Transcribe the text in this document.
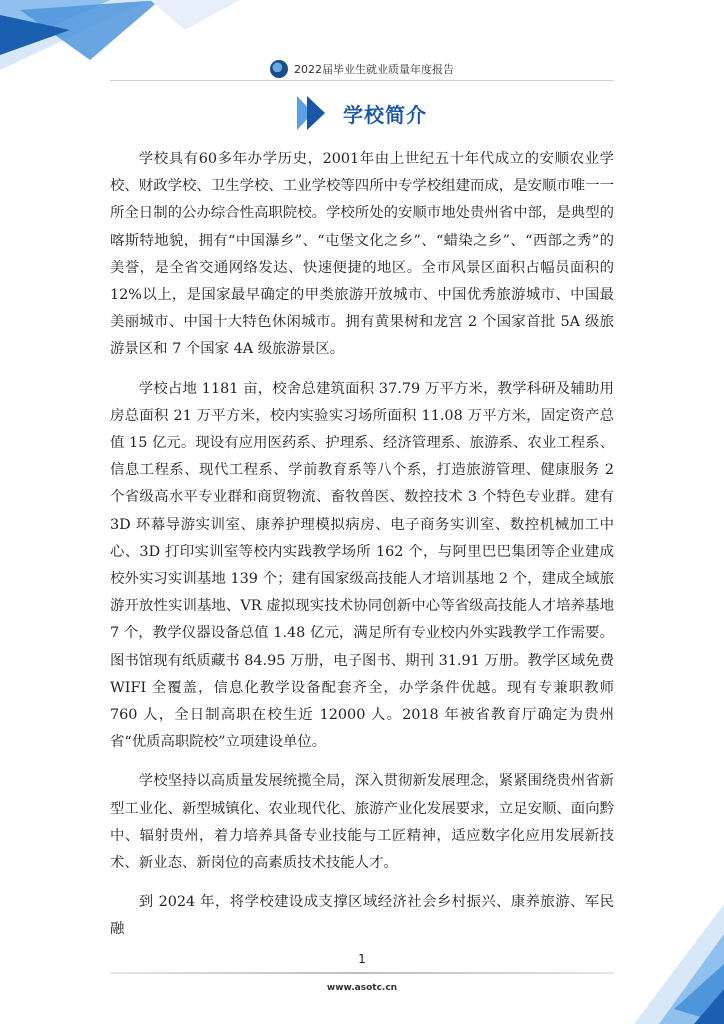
2022届毕业生就业质量年度报告
学校简介

学校具有60多年办学历史，2001年由上世纪五十年代成立的安顺农业学校、财政学校、卫生学校、工业学校等四所中专学校组建而成，是安顺市唯一一所全日制的公办综合性高职院校。学校所处的安顺市地处贵州省中部，是典型的喀斯特地貌，拥有“中国瀑乡”、“屯堡文化之乡”、“蜡染之乡”、“西部之秀”的美誉，是全省交通网络发达、快速便捷的地区。全市风景区面积占幅员面积的12%以上，是国家最早确定的甲类旅游开放城市、中国优秀旅游城市、中国最美丽城市、中国十大特色休闲城市。拥有黄果树和龙宫 2 个国家首批 5A 级旅游景区和 7 个国家 4A 级旅游景区。

学校占地 1181 亩，校舍总建筑面积 37.79 万平方米，教学科研及辅助用房总面积 21 万平方米，校内实验实习场所面积 11.08 万平方米，固定资产总值 15 亿元。现设有应用医药系、护理系、经济管理系、旅游系、农业工程系、信息工程系、现代工程系、学前教育系等八个系，打造旅游管理、健康服务 2 个省级高水平专业群和商贸物流、畜牧兽医、数控技术 3 个特色专业群。建有 3D 环幕导游实训室、康养护理模拟病房、电子商务实训室、数控机械加工中心、3D 打印实训室等校内实践教学场所 162 个，与阿里巴巴集团等企业建成校外实习实训基地 139 个；建有国家级高技能人才培训基地 2 个，建成全域旅游开放性实训基地、VR 虚拟现实技术协同创新中心等省级高技能人才培养基地 7 个，教学仪器设备总值 1.48 亿元，满足所有专业校内外实践教学工作需要。图书馆现有纸质藏书 84.95 万册，电子图书、期刊 31.91 万册。教学区域免费 WIFI 全覆盖，信息化教学设备配套齐全，办学条件优越。现有专兼职教师 760 人，全日制高职在校生近 12000 人。2018 年被省教育厅确定为贵州省“优质高职院校”立项建设单位。

学校坚持以高质量发展统揽全局，深入贯彻新发展理念，紧紧围绕贵州省新型工业化、新型城镇化、农业现代化、旅游产业化发展要求，立足安顺、面向黔中、辐射贵州，着力培养具备专业技能与工匠精神，适应数字化应用发展新技术、新业态、新岗位的高素质技术技能人才。

到 2024 年，将学校建设成支撑区域经济社会乡村振兴、康养旅游、军民融

1
www.asotc.cn
